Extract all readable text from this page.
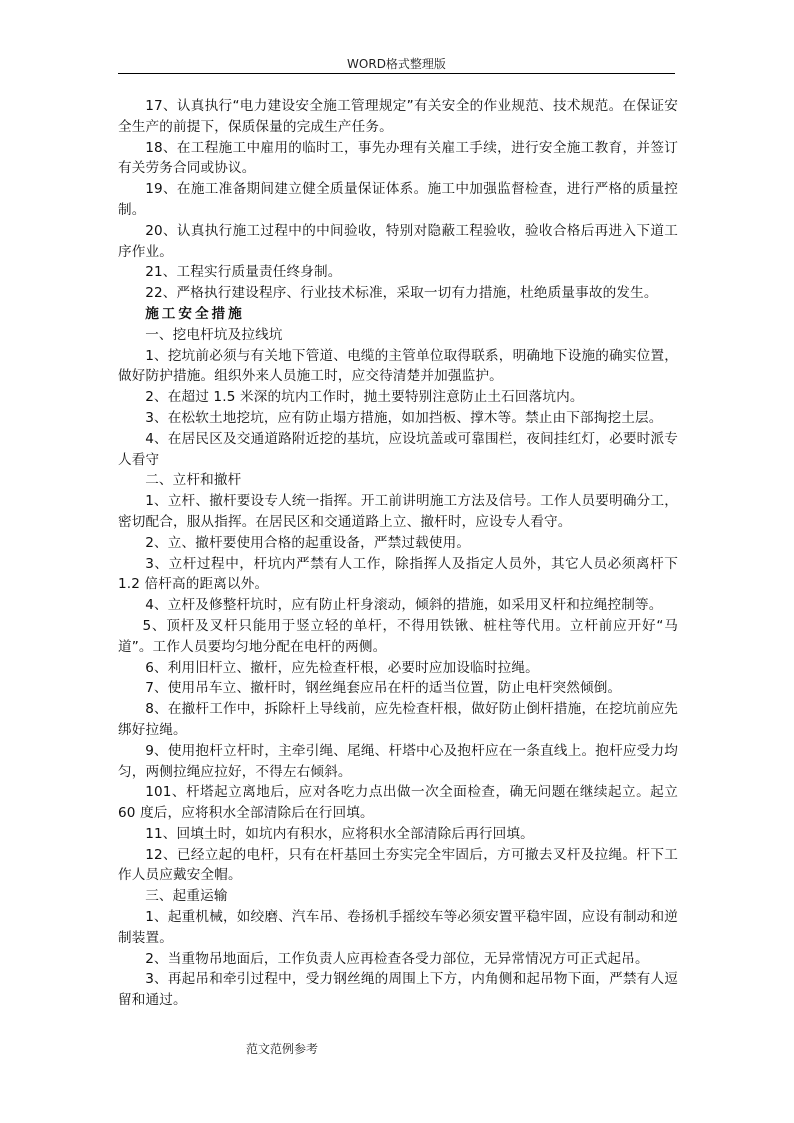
WORD格式整理版

17、认真执行“电力建设安全施工管理规定”有关安全的作业规范、技术规范。在保证安全生产的前提下，保质保量的完成生产任务。

18、在工程施工中雇用的临时工，事先办理有关雇工手续，进行安全施工教育，并签订有关劳务合同或协议。

19、在施工准备期间建立健全质量保证体系。施工中加强监督检查，进行严格的质量控制。

20、认真执行施工过程中的中间验收，特别对隐蔽工程验收，验收合格后再进入下道工序作业。

21、工程实行质量责任终身制。

22、严格执行建设程序、行业技术标准，采取一切有力措施，杜绝质量事故的发生。

施工安全措施

一、挖电杆坑及拉线坑

1、挖坑前必须与有关地下管道、电缆的主管单位取得联系，明确地下设施的确实位置，做好防护措施。组织外来人员施工时，应交待清楚并加强监护。

2、在超过 1.5 米深的坑内工作时，抛土要特别注意防止土石回落坑内。

3、在松软土地挖坑，应有防止塌方措施，如加挡板、撑木等。禁止由下部掏挖土层。

4、在居民区及交通道路附近挖的基坑，应设坑盖或可靠围栏，夜间挂红灯，必要时派专人看守

二、立杆和撤杆

1、立杆、撤杆要设专人统一指挥。开工前讲明施工方法及信号。工作人员要明确分工，密切配合，服从指挥。在居民区和交通道路上立、撤杆时，应设专人看守。

2、立、撤杆要使用合格的起重设备，严禁过载使用。

3、立杆过程中，杆坑内严禁有人工作，除指挥人及指定人员外，其它人员必须离杆下 1.2 倍杆高的距离以外。

4、立杆及修整杆坑时，应有防止杆身滚动，倾斜的措施，如采用叉杆和拉绳控制等。

5、顶杆及叉杆只能用于竖立轻的单杆，不得用铁锹、桩柱等代用。立杆前应开好“马道”。工作人员要均匀地分配在电杆的两侧。

6、利用旧杆立、撤杆，应先检查杆根，必要时应加设临时拉绳。

7、使用吊车立、撤杆时，钢丝绳套应吊在杆的适当位置，防止电杆突然倾倒。

8、在撤杆工作中，拆除杆上导线前，应先检查杆根，做好防止倒杆措施，在挖坑前应先绑好拉绳。

9、使用抱杆立杆时，主牵引绳、尾绳、杆塔中心及抱杆应在一条直线上。抱杆应受力均匀，两侧拉绳应拉好，不得左右倾斜。

101、杆塔起立离地后，应对各吃力点出做一次全面检查，确无问题在继续起立。起立 60 度后，应将积水全部清除后在行回填。

11、回填土时，如坑内有积水，应将积水全部清除后再行回填。

12、已经立起的电杆，只有在杆基回土夯实完全牢固后，方可撤去叉杆及拉绳。杆下工作人员应戴安全帽。

三、起重运输

1、起重机械，如绞磨、汽车吊、卷扬机手摇绞车等必须安置平稳牢固，应设有制动和逆制装置。

2、当重物吊地面后，工作负责人应再检查各受力部位，无异常情况方可正式起吊。

3、再起吊和牵引过程中，受力钢丝绳的周围上下方，内角侧和起吊物下面，严禁有人逗留和通过。

范文范例参考
